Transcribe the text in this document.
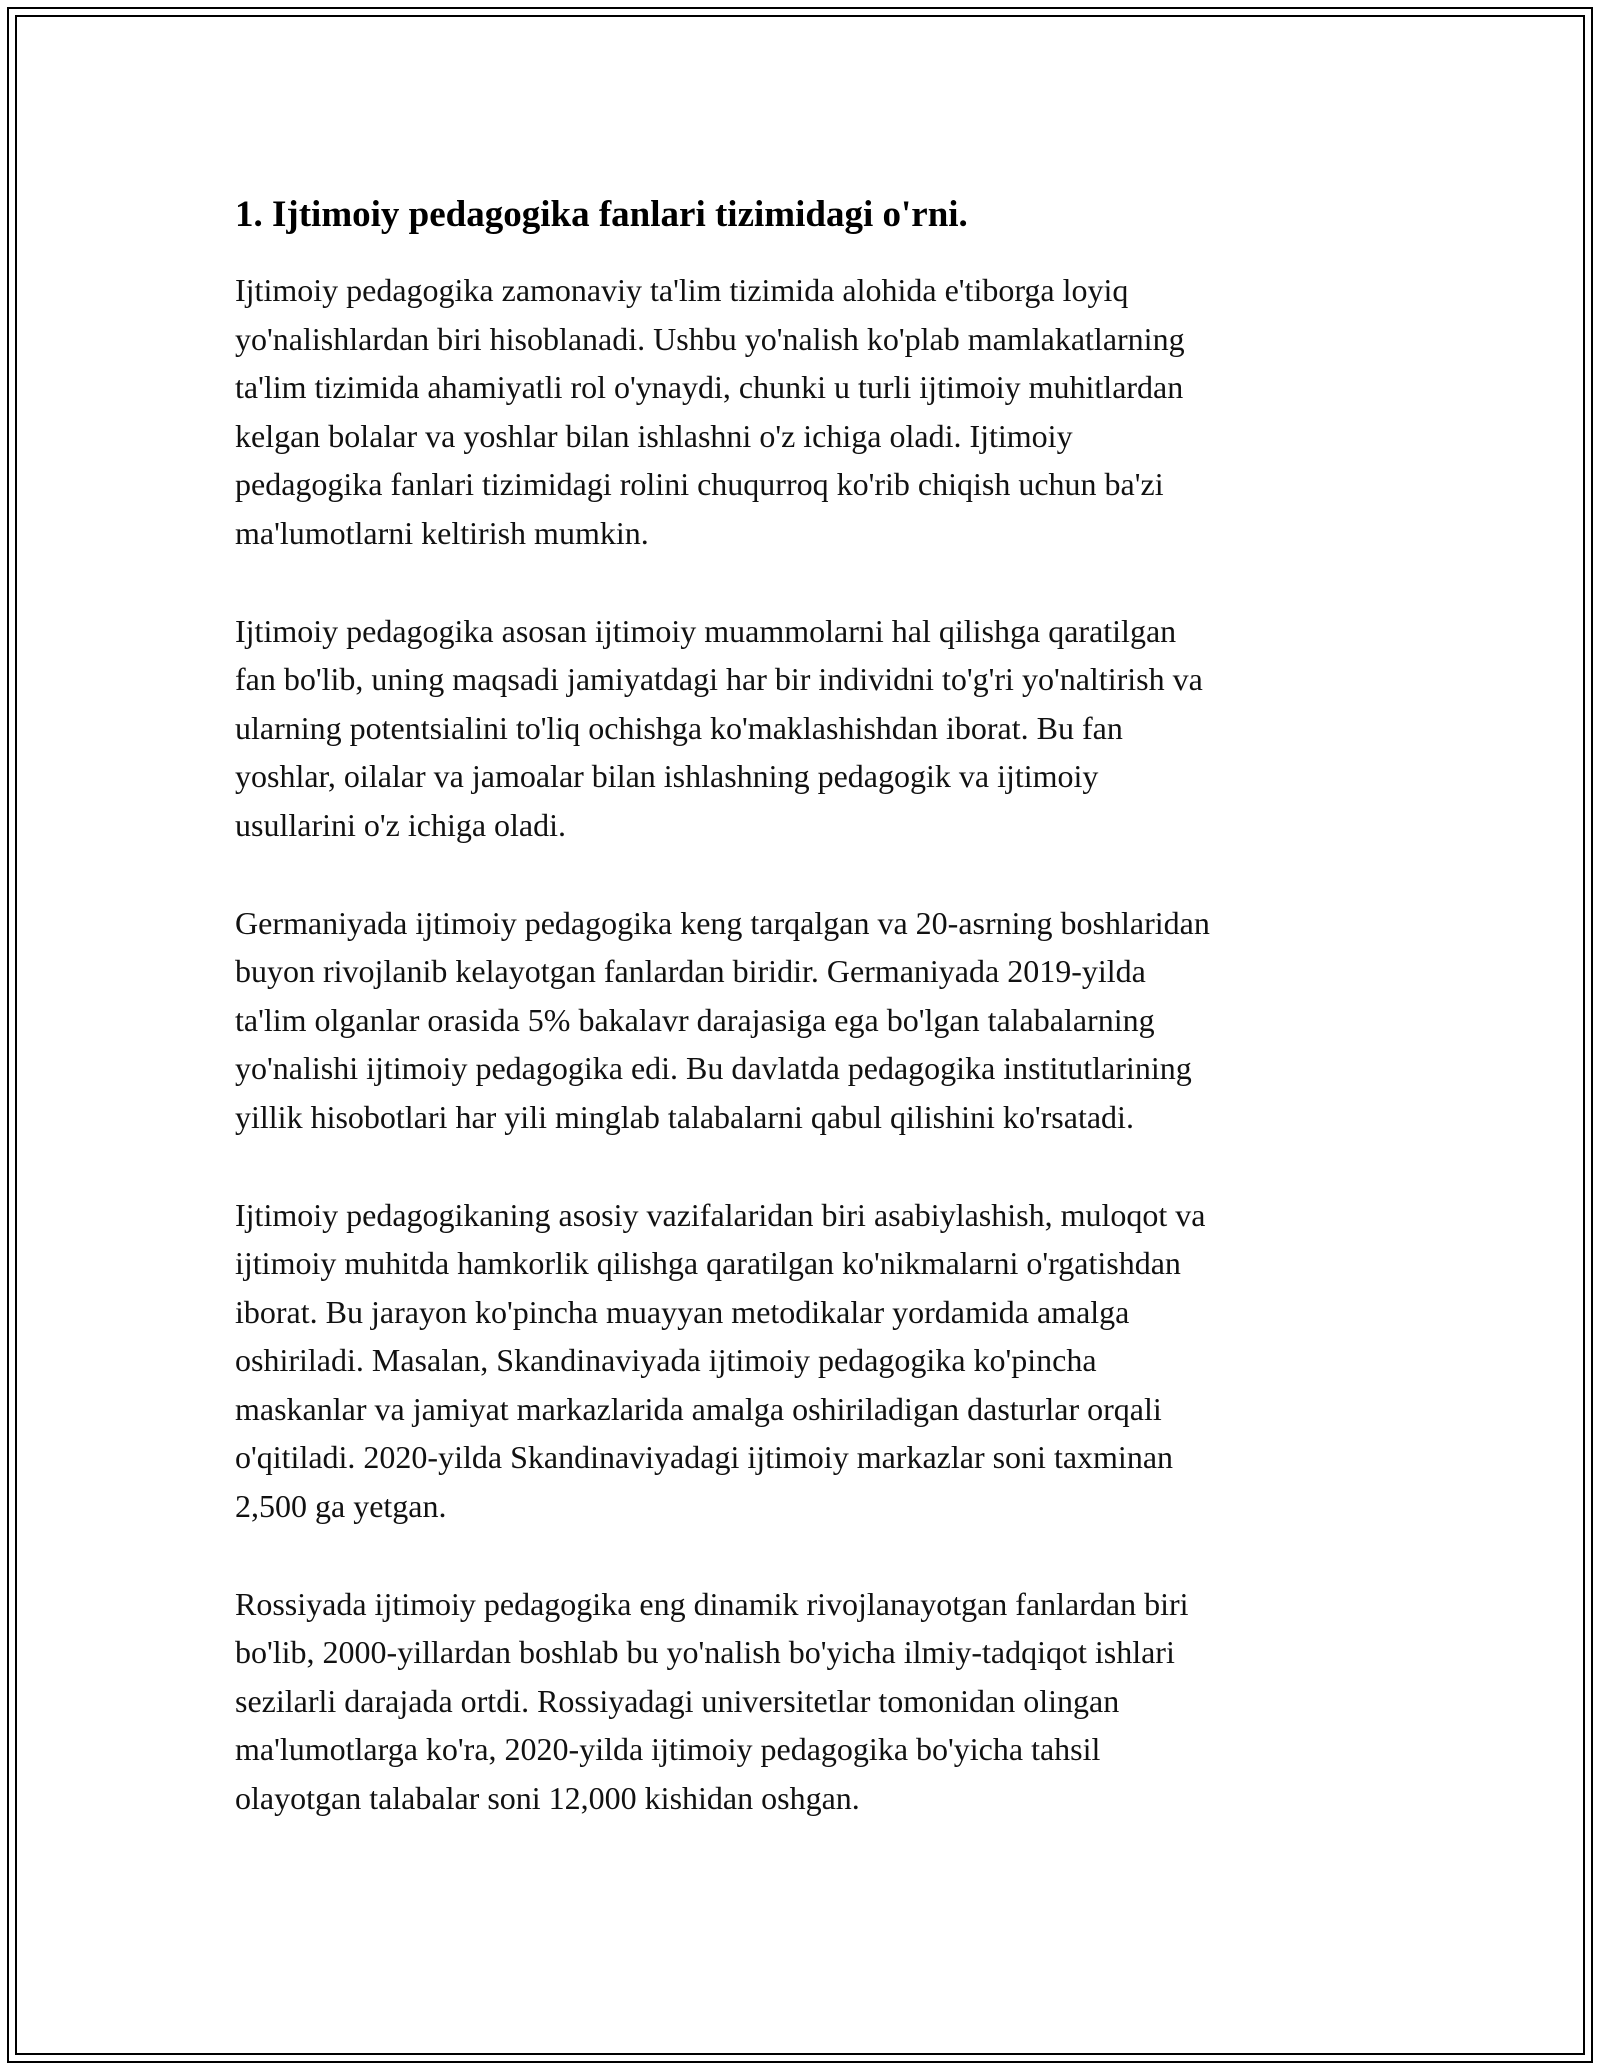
1. Ijtimoiy pedagogika fanlari tizimidagi o'rni.

Ijtimoiy pedagogika zamonaviy ta'lim tizimida alohida e'tiborga loyiq
yo'nalishlardan biri hisoblanadi. Ushbu yo'nalish ko'plab mamlakatlarning
ta'lim tizimida ahamiyatli rol o'ynaydi, chunki u turli ijtimoiy muhitlardan
kelgan bolalar va yoshlar bilan ishlashni o'z ichiga oladi. Ijtimoiy
pedagogika fanlari tizimidagi rolini chuqurroq ko'rib chiqish uchun ba'zi
ma'lumotlarni keltirish mumkin.

Ijtimoiy pedagogika asosan ijtimoiy muammolarni hal qilishga qaratilgan
fan bo'lib, uning maqsadi jamiyatdagi har bir individni to'g'ri yo'naltirish va
ularning potentsialini to'liq ochishga ko'maklashishdan iborat. Bu fan
yoshlar, oilalar va jamoalar bilan ishlashning pedagogik va ijtimoiy
usullarini o'z ichiga oladi.

Germaniyada ijtimoiy pedagogika keng tarqalgan va 20-asrning boshlaridan
buyon rivojlanib kelayotgan fanlardan biridir. Germaniyada 2019-yilda
ta'lim olganlar orasida 5% bakalavr darajasiga ega bo'lgan talabalarning
yo'nalishi ijtimoiy pedagogika edi. Bu davlatda pedagogika institutlarining
yillik hisobotlari har yili minglab talabalarni qabul qilishini ko'rsatadi.

Ijtimoiy pedagogikaning asosiy vazifalaridan biri asabiylashish, muloqot va
ijtimoiy muhitda hamkorlik qilishga qaratilgan ko'nikmalarni o'rgatishdan
iborat. Bu jarayon ko'pincha muayyan metodikalar yordamida amalga
oshiriladi. Masalan, Skandinaviyada ijtimoiy pedagogika ko'pincha
maskanlar va jamiyat markazlarida amalga oshiriladigan dasturlar orqali
o'qitiladi. 2020-yilda Skandinaviyadagi ijtimoiy markazlar soni taxminan
2,500 ga yetgan.

Rossiyada ijtimoiy pedagogika eng dinamik rivojlanayotgan fanlardan biri
bo'lib, 2000-yillardan boshlab bu yo'nalish bo'yicha ilmiy-tadqiqot ishlari
sezilarli darajada ortdi. Rossiyadagi universitetlar tomonidan olingan
ma'lumotlarga ko'ra, 2020-yilda ijtimoiy pedagogika bo'yicha tahsil
olayotgan talabalar soni 12,000 kishidan oshgan.
